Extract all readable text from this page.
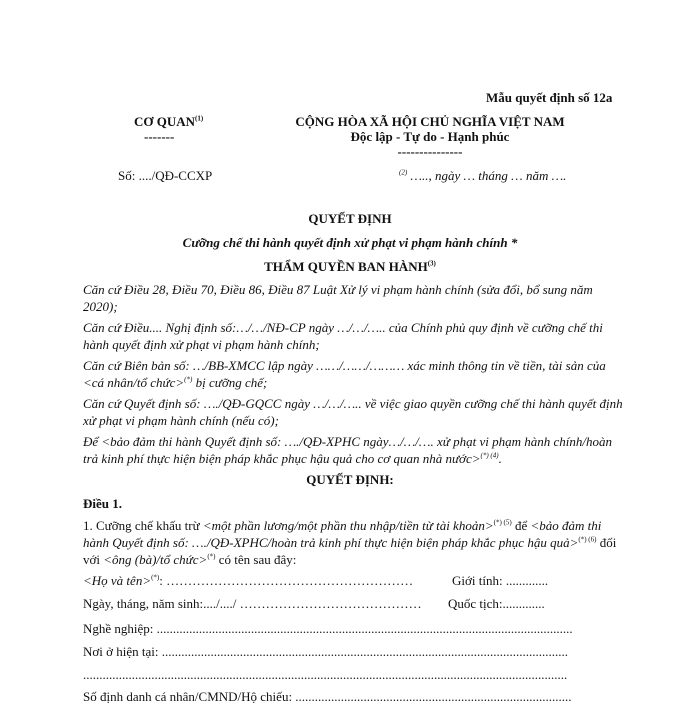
Mẫu quyết định số 12a
CƠ QUAN$^{(1)}$
-------
CỘNG HÒA XÃ HỘI CHỦ NGHĨA VIỆT NAM
Độc lập - Tự do - Hạnh phúc
---------------
Số: ..../QĐ-CCXP	$^{(2)}$ ….., ngày … tháng … năm ….
QUYẾT ĐỊNH
Cưỡng chế thi hành quyết định xử phạt vi phạm hành chính *
THẨM QUYỀN BAN HÀNH$^{(3)}$
Căn cứ Điều 28, Điều 70, Điều 86, Điều 87 Luật Xử lý vi phạm hành chính (sửa đổi, bổ sung năm 2020);
Căn cứ Điều.... Nghị định số:…/…/NĐ-CP ngày …/…/….. của Chính phủ quy định về cưỡng chế thi hành quyết định xử phạt vi phạm hành chính;
Căn cứ Biên bản số: …/BB-XMCC lập ngày ……/……/……… xác minh thông tin về tiền, tài sản của <cá nhân/tổ chức>(*) bị cưỡng chế;
Căn cứ Quyết định số: …./QĐ-GQCC ngày …/…/….. về việc giao quyền cưỡng chế thi hành quyết định xử phạt vi phạm hành chính (nếu có);
Để <bảo đảm thi hành Quyết định số: …./QĐ-XPHC ngày…/…/…. xử phạt vi phạm hành chính/hoàn trả kinh phí thực hiện biện pháp khắc phục hậu quả cho cơ quan nhà nước>$^{(*) (4)}$.
QUYẾT ĐỊNH:
Điều 1.
1. Cưỡng chế khấu trừ <một phần lương/một phần thu nhập/tiền từ tài khoản>$^{(*) (5)}$ để <bảo đảm thi hành Quyết định số: …./QĐ-XPHC/hoàn trả kinh phí thực hiện biện pháp khắc phục hậu quả>$^{(*) (6)}$ đối với <ông (bà)/tổ chức>(*) có tên sau đây:
<Họ và tên>(*): …………………………………………………	Giới tính: .............
Ngày, tháng, năm sinh:..../..../ …………………………………… Quốc tịch:.............
Nghề nghiệp: ................................................................................................................................
Nơi ở hiện tại: .............................................................................................................................
.....................................................................................................................................................
Số định danh cá nhân/CMND/Hộ chiếu: .....................................................................................
